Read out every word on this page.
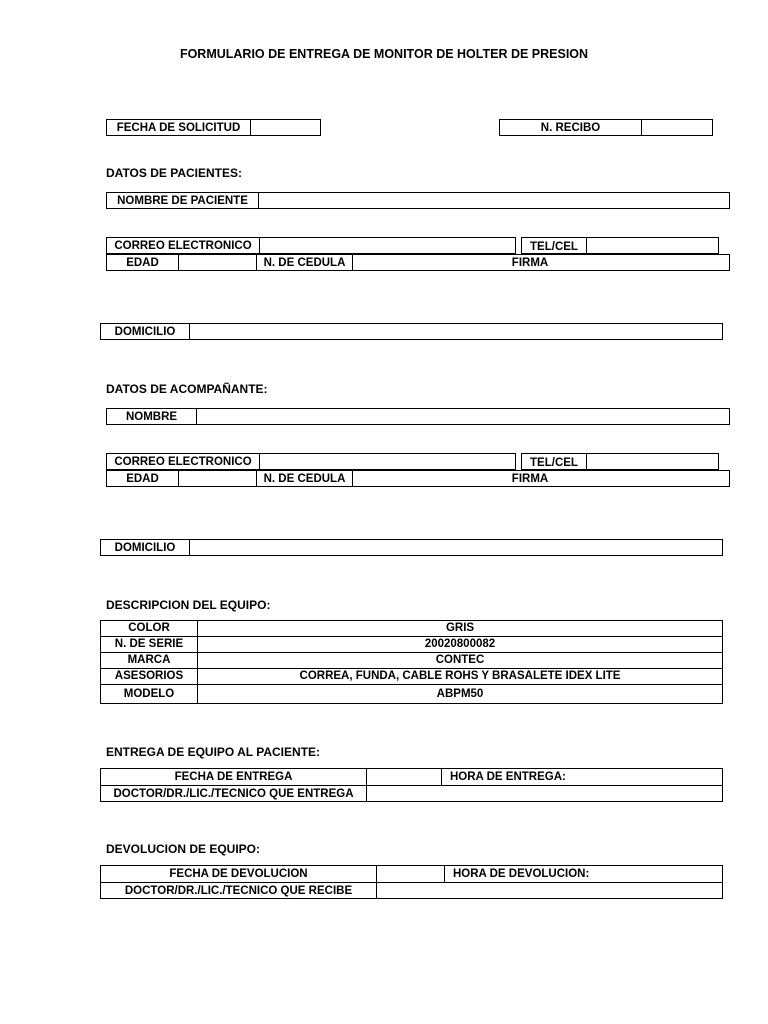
FORMULARIO DE ENTREGA DE MONITOR DE HOLTER DE PRESION
FECHA DE SOLICITUD	N. RECIBO
DATOS DE PACIENTES:
NOMBRE DE PACIENTE
CORREO ELECTRONICO	TEL/CEL
EDAD	N. DE CEDULA	FIRMA
DOMICILIO
DATOS DE ACOMPAÑANTE:
NOMBRE
CORREO ELECTRONICO	TEL/CEL
EDAD	N. DE CEDULA	FIRMA
DOMICILIO
DESCRIPCION DEL EQUIPO:
COLOR	GRIS
N. DE SERIE	20020800082
MARCA	CONTEC
ASESORIOS	CORREA, FUNDA, CABLE ROHS Y BRASALETE IDEX LITE
MODELO	ABPM50
ENTREGA DE EQUIPO AL PACIENTE:
FECHA DE ENTREGA	HORA DE ENTREGA:
DOCTOR/DR./LIC./TECNICO QUE ENTREGA
DEVOLUCION DE EQUIPO:
FECHA DE DEVOLUCION	HORA DE DEVOLUCION:
DOCTOR/DR./LIC./TECNICO QUE RECIBE
